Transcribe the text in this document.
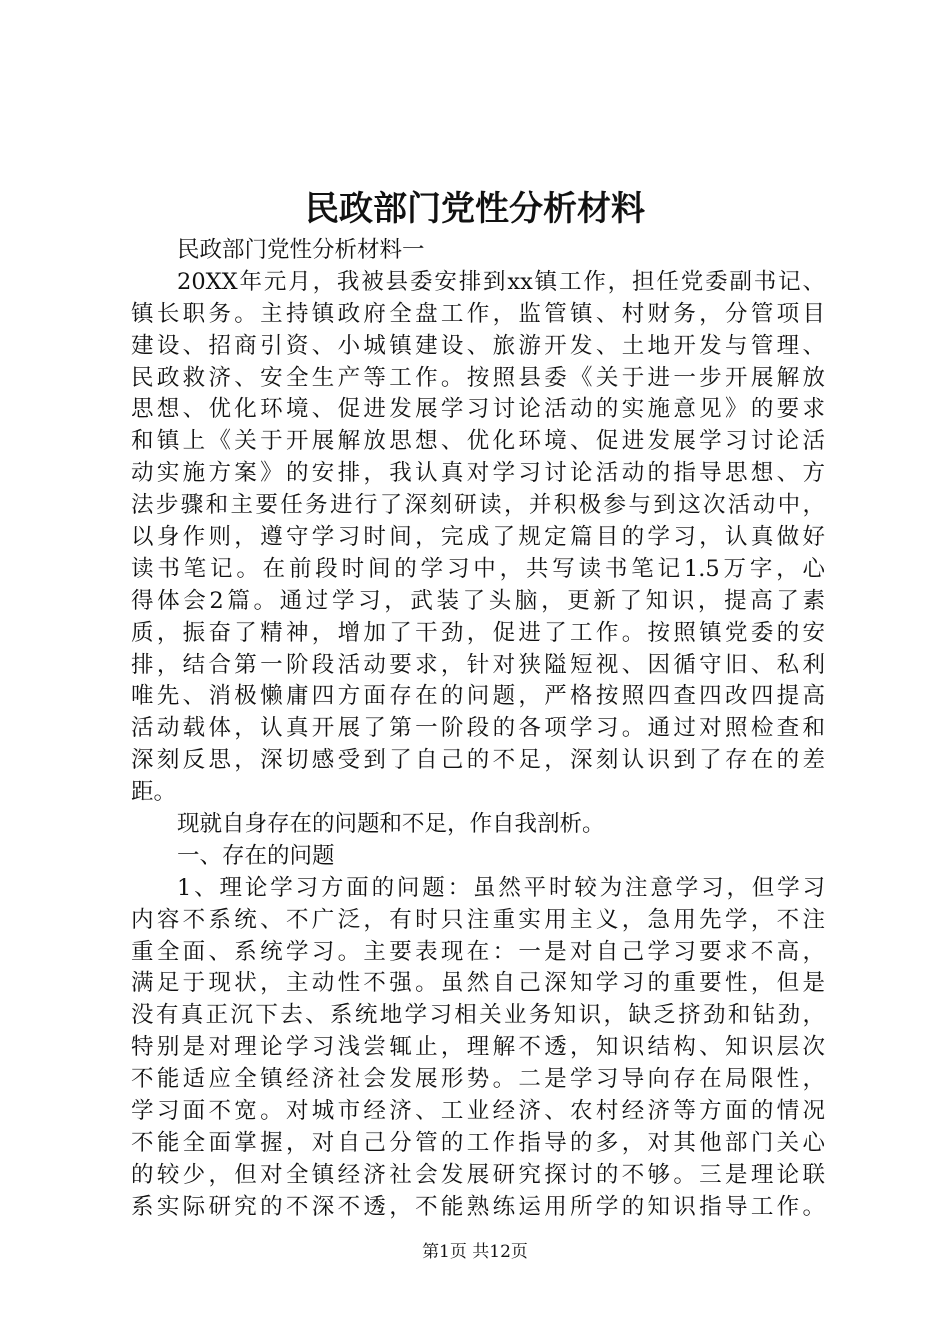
民政部门党性分析材料
民政部门党性分析材料一
20XX年元月，我被县委安排到xx镇工作，担任党委副书记、
镇长职务。主持镇政府全盘工作，监管镇、村财务，分管项目
建设、招商引资、小城镇建设、旅游开发、土地开发与管理、
民政救济、安全生产等工作。按照县委《关于进一步开展解放
思想、优化环境、促进发展学习讨论活动的实施意见》的要求
和镇上《关于开展解放思想、优化环境、促进发展学习讨论活
动实施方案》的安排，我认真对学习讨论活动的指导思想、方
法步骤和主要任务进行了深刻研读，并积极参与到这次活动中，
以身作则，遵守学习时间，完成了规定篇目的学习，认真做好
读书笔记。在前段时间的学习中，共写读书笔记1.5万字，心
得体会2篇。通过学习，武装了头脑，更新了知识，提高了素
质，振奋了精神，增加了干劲，促进了工作。按照镇党委的安
排，结合第一阶段活动要求，针对狭隘短视、因循守旧、私利
唯先、消极懒庸四方面存在的问题，严格按照四查四改四提高
活动载体，认真开展了第一阶段的各项学习。通过对照检查和
深刻反思，深切感受到了自己的不足，深刻认识到了存在的差
距。
现就自身存在的问题和不足，作自我剖析。
一、存在的问题
1、理论学习方面的问题：虽然平时较为注意学习，但学习
内容不系统、不广泛，有时只注重实用主义，急用先学，不注
重全面、系统学习。主要表现在：一是对自己学习要求不高，
满足于现状，主动性不强。虽然自己深知学习的重要性，但是
没有真正沉下去、系统地学习相关业务知识，缺乏挤劲和钻劲，
特别是对理论学习浅尝辄止，理解不透，知识结构、知识层次
不能适应全镇经济社会发展形势。二是学习导向存在局限性，
学习面不宽。对城市经济、工业经济、农村经济等方面的情况
不能全面掌握，对自己分管的工作指导的多，对其他部门关心
的较少，但对全镇经济社会发展研究探讨的不够。三是理论联
系实际研究的不深不透，不能熟练运用所学的知识指导工作。
第1页 共12页
